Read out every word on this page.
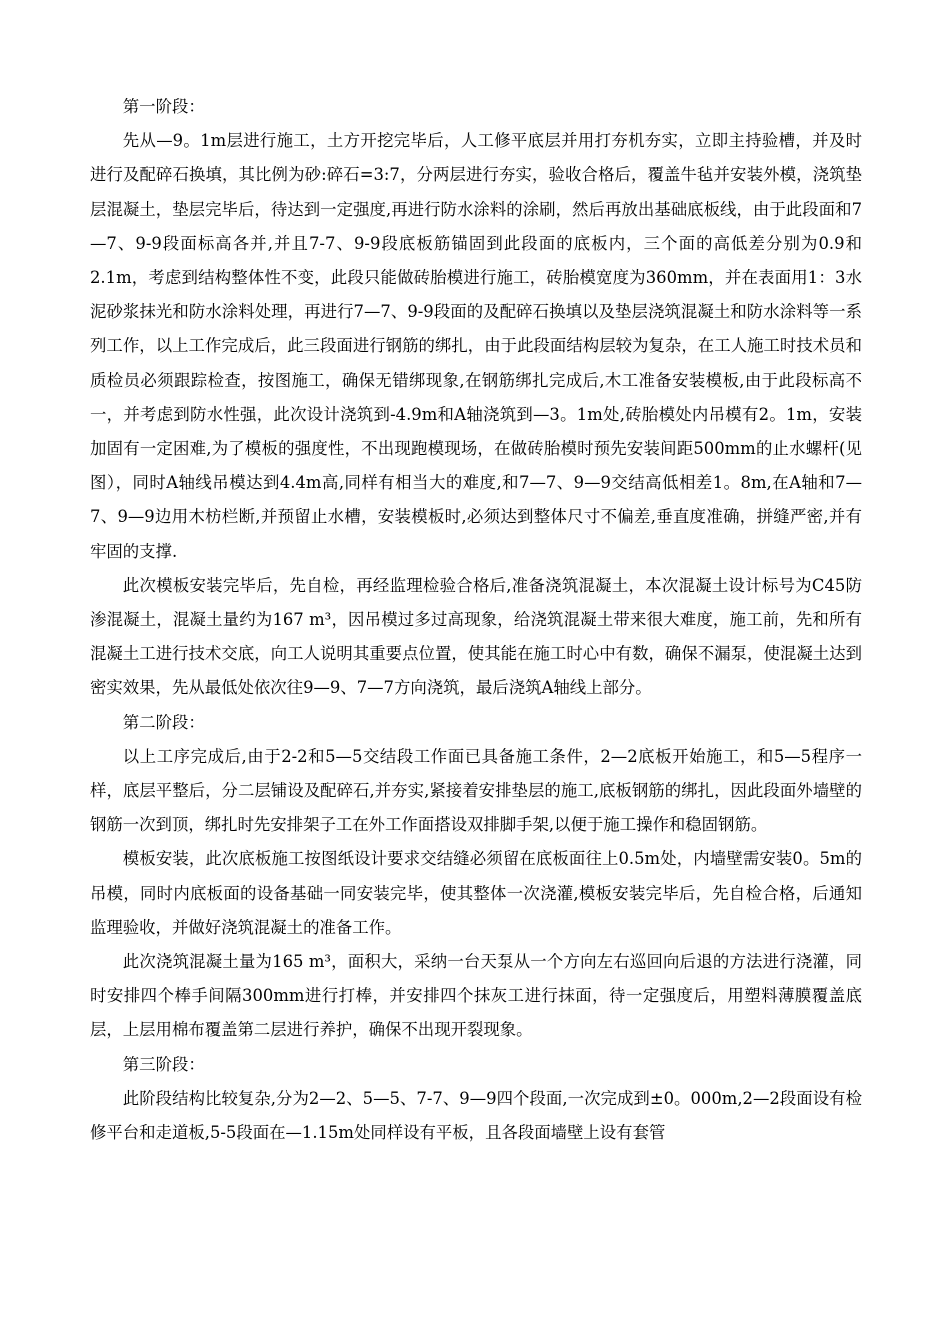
第一阶段：

先从—9。1m层进行施工，土方开挖完毕后，人工修平底层并用打夯机夯实，立即主持验槽，并及时进行及配碎石换填，其比例为砂:碎石=3:7，分两层进行夯实，验收合格后，覆盖牛毡并安装外模，浇筑垫层混凝土，垫层完毕后，待达到一定强度,再进行防水涂料的涂刷，然后再放出基础底板线，由于此段面和7—7、9-9段面标高各并,并且7-7、9-9段底板筋锚固到此段面的底板内，三个面的高低差分别为0.9和2.1m，考虑到结构整体性不变，此段只能做砖胎模进行施工，砖胎模宽度为360mm，并在表面用1：3水泥砂浆抹光和防水涂料处理，再进行7—7、9-9段面的及配碎石换填以及垫层浇筑混凝土和防水涂料等一系列工作，以上工作完成后，此三段面进行钢筋的绑扎，由于此段面结构层较为复杂，在工人施工时技术员和质检员必须跟踪检查，按图施工，确保无错绑现象,在钢筋绑扎完成后,木工准备安装模板,由于此段标高不一，并考虑到防水性强，此次设计浇筑到-4.9m和A轴浇筑到—3。1m处,砖胎模处内吊模有2。1m，安装加固有一定困难,为了模板的强度性，不出现跑模现场，在做砖胎模时预先安装间距500mm的止水螺杆(见图），同时A轴线吊模达到4.4m高,同样有相当大的难度,和7—7、9—9交结高低相差1。8m,在A轴和7—7、9—9边用木枋栏断,并预留止水槽，安装模板时,必须达到整体尺寸不偏差,垂直度准确，拼缝严密,并有牢固的支撑.

此次模板安装完毕后，先自检，再经监理检验合格后,准备浇筑混凝土，本次混凝土设计标号为C45防渗混凝土，混凝土量约为167 m³，因吊模过多过高现象，给浇筑混凝土带来很大难度，施工前，先和所有混凝土工进行技术交底，向工人说明其重要点位置，使其能在施工时心中有数，确保不漏泵，使混凝土达到密实效果，先从最低处依次往9—9、7—7方向浇筑，最后浇筑A轴线上部分。

第二阶段：

以上工序完成后,由于2-2和5—5交结段工作面已具备施工条件，2—2底板开始施工，和5—5程序一样，底层平整后，分二层铺设及配碎石,并夯实,紧接着安排垫层的施工,底板钢筋的绑扎，因此段面外墙壁的钢筋一次到顶，绑扎时先安排架子工在外工作面搭设双排脚手架,以便于施工操作和稳固钢筋。

模板安装，此次底板施工按图纸设计要求交结缝必须留在底板面往上0.5m处，内墙壁需安装0。5m的吊模，同时内底板面的设备基础一同安装完毕，使其整体一次浇灌,模板安装完毕后，先自检合格，后通知监理验收，并做好浇筑混凝土的准备工作。

此次浇筑混凝土量为165 m³，面积大，采纳一台天泵从一个方向左右巡回向后退的方法进行浇灌，同时安排四个棒手间隔300mm进行打棒，并安排四个抹灰工进行抹面，待一定强度后，用塑料薄膜覆盖底层，上层用棉布覆盖第二层进行养护，确保不出现开裂现象。

第三阶段：

此阶段结构比较复杂,分为2—2、5—5、7-7、9—9四个段面,一次完成到±0。000m,2—2段面设有检修平台和走道板,5-5段面在—1.15m处同样设有平板，且各段面墙壁上设有套管
